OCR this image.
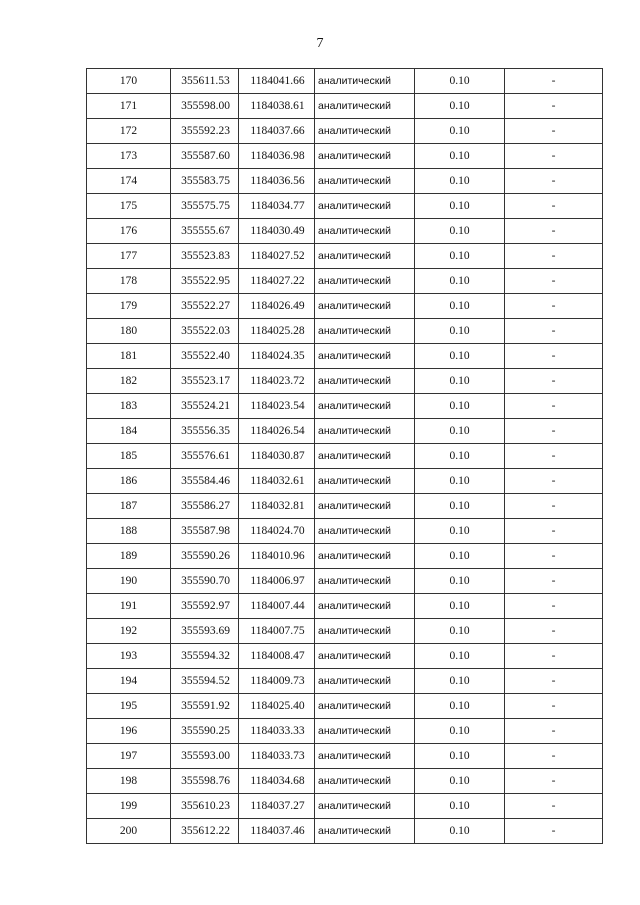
7
170	355611.53	1184041.66	аналитический	0.10	-
171	355598.00	1184038.61	аналитический	0.10	-
172	355592.23	1184037.66	аналитический	0.10	-
173	355587.60	1184036.98	аналитический	0.10	-
174	355583.75	1184036.56	аналитический	0.10	-
175	355575.75	1184034.77	аналитический	0.10	-
176	355555.67	1184030.49	аналитический	0.10	-
177	355523.83	1184027.52	аналитический	0.10	-
178	355522.95	1184027.22	аналитический	0.10	-
179	355522.27	1184026.49	аналитический	0.10	-
180	355522.03	1184025.28	аналитический	0.10	-
181	355522.40	1184024.35	аналитический	0.10	-
182	355523.17	1184023.72	аналитический	0.10	-
183	355524.21	1184023.54	аналитический	0.10	-
184	355556.35	1184026.54	аналитический	0.10	-
185	355576.61	1184030.87	аналитический	0.10	-
186	355584.46	1184032.61	аналитический	0.10	-
187	355586.27	1184032.81	аналитический	0.10	-
188	355587.98	1184024.70	аналитический	0.10	-
189	355590.26	1184010.96	аналитический	0.10	-
190	355590.70	1184006.97	аналитический	0.10	-
191	355592.97	1184007.44	аналитический	0.10	-
192	355593.69	1184007.75	аналитический	0.10	-
193	355594.32	1184008.47	аналитический	0.10	-
194	355594.52	1184009.73	аналитический	0.10	-
195	355591.92	1184025.40	аналитический	0.10	-
196	355590.25	1184033.33	аналитический	0.10	-
197	355593.00	1184033.73	аналитический	0.10	-
198	355598.76	1184034.68	аналитический	0.10	-
199	355610.23	1184037.27	аналитический	0.10	-
200	355612.22	1184037.46	аналитический	0.10	-
